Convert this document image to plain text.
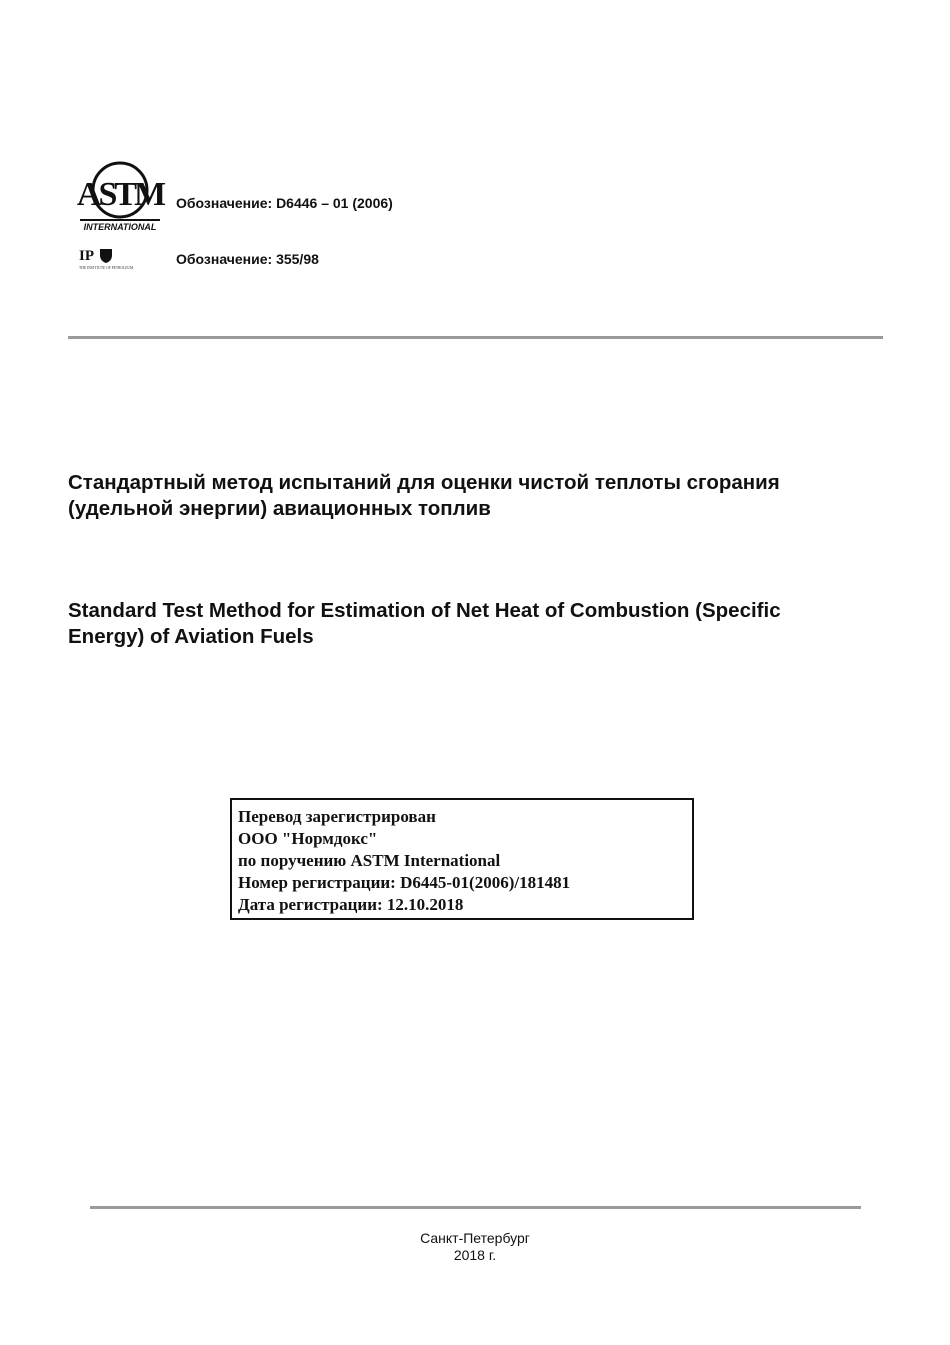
ASTM
INTERNATIONAL
IP
THE INSTITUTE OF PETROLEUM
Обозначение: D6446 – 01 (2006)
Обозначение: 355/98
Стандартный метод испытаний для оценки чистой теплоты сгорания
(удельной энергии) авиационных топлив
Standard Test Method for Estimation of Net Heat of Combustion (Specific
Energy) of Aviation Fuels
Перевод зарегистрирован
ООО "Нормдокс"
по поручению ASTM International
Номер регистрации: D6445-01(2006)/181481
Дата регистрации: 12.10.2018
Санкт-Петербург
2018 г.
